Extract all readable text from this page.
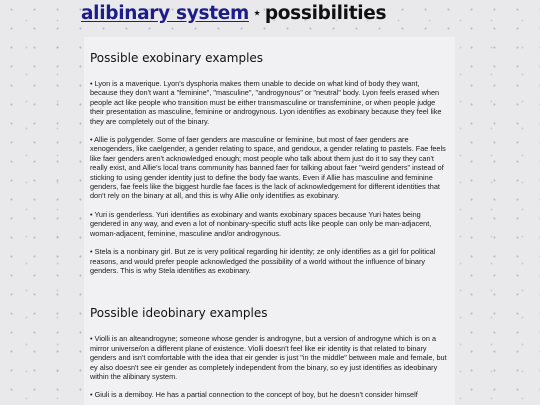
alibinary system ⋆ possibilities
Possible exobinary examples

• Lyon is a maverique. Lyon's dysphoria makes them unable to decide on what kind of body they want, because they don't want a "feminine", "masculine", "androgynous" or "neutral" body. Lyon feels erased when people act like people who transition must be either transmasculine or transfeminine, or when people judge their presentation as masculine, feminine or androgynous. Lyon identifies as exobinary because they feel like they are completely out of the binary.

• Allie is polygender. Some of faer genders are masculine or feminine, but most of faer genders are xenogenders, like caelgender, a gender relating to space, and gendoux, a gender relating to pastels. Fae feels like faer genders aren't acknowledged enough; most people who talk about them just do it to say they can't really exist, and Allie's local trans community has banned faer for talking about faer "weird genders" instead of sticking to using gender identity just to define the body fae wants. Even if Allie has masculine and feminine genders, fae feels like the biggest hurdle fae faces is the lack of acknowledgement for different identities that don't rely on the binary at all, and this is why Allie only identifies as exobinary.

• Yuri is genderless. Yuri identifies as exobinary and wants exobinary spaces because Yuri hates being gendered in any way, and even a lot of nonbinary-specific stuff acts like people can only be man-adjacent, woman-adjacent, feminine, masculine and/or androgynous.

• Stela is a nonbinary girl. But ze is very political regarding hir identity; ze only identifies as a girl for political reasons, and would prefer people acknowledged the possibility of a world without the influence of binary genders. This is why Stela identifies as exobinary.

Possible ideobinary examples

• Violli is an alteandrogyne; someone whose gender is androgyne, but a version of androgyne which is on a mirror universe/on a different plane of existence. Violli doesn't feel like eir identity is that related to binary genders and isn't comfortable with the idea that eir gender is just "in the middle" between male and female, but ey also doesn't see eir gender as completely independent from the binary, so ey just identifies as ideobinary within the alibinary system.

• Giuli is a demiboy. He has a partial connection to the concept of boy, but he doesn't consider himself
